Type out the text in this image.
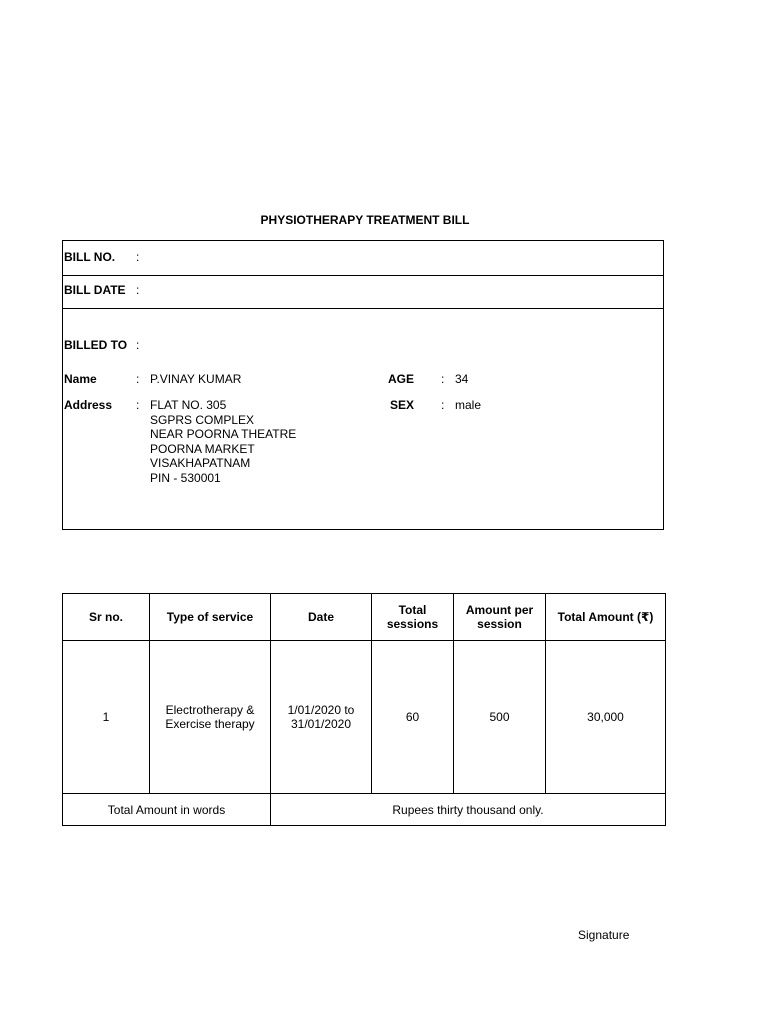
PHYSIOTHERAPY TREATMENT BILL
BILL NO. :
BILL DATE :
BILLED TO :
Name	: P.VINAY KUMAR	AGE : 34
Address : FLAT NO. 305
SGPRS COMPLEX
NEAR POORNA THEATRE
POORNA MARKET
VISAKHAPATNAM
PIN - 530001
SEX : male
Sr no.	Type of service	Date	Total sessions	Amount per session	Total Amount (₹)
1	Electrotherapy & Exercise therapy	1/01/2020 to 31/01/2020	60	500	30,000
Total Amount in words		Rupees thirty thousand only.			
Signature
